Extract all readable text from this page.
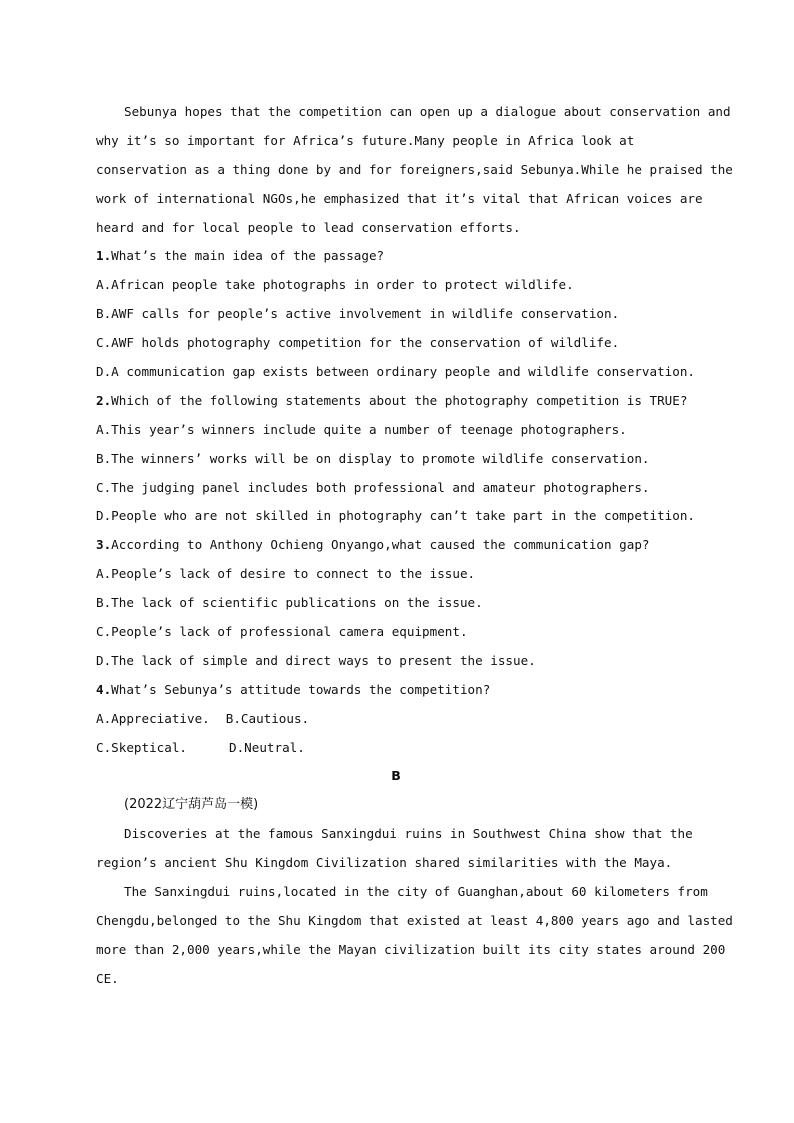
Sebunya hopes that the competition can open up a dialogue about conservation and
why it’s so important for Africa’s future.Many people in Africa look at
conservation as a thing done by and for foreigners,said Sebunya.While he praised the
work of international NGOs,he emphasized that it’s vital that African voices are
heard and for local people to lead conservation efforts.
1.What’s the main idea of the passage?
A.African people take photographs in order to protect wildlife.
B.AWF calls for people’s active involvement in wildlife conservation.
C.AWF holds photography competition for the conservation of wildlife.
D.A communication gap exists between ordinary people and wildlife conservation.
2.Which of the following statements about the photography competition is TRUE?
A.This year’s winners include quite a number of teenage photographers.
B.The winners’ works will be on display to promote wildlife conservation.
C.The judging panel includes both professional and amateur photographers.
D.People who are not skilled in photography can’t take part in the competition.
3.According to Anthony Ochieng Onyango,what caused the communication gap?
A.People’s lack of desire to connect to the issue.
B.The lack of scientific publications on the issue.
C.People’s lack of professional camera equipment.
D.The lack of simple and direct ways to present the issue.
4.What’s Sebunya’s attitude towards the competition?
A.Appreciative. B.Cautious.
C.Skeptical.	D.Neutral.
B
(2022辽宁葫芦岛一模)
Discoveries at the famous Sanxingdui ruins in Southwest China show that the
region’s ancient Shu Kingdom Civilization shared similarities with the Maya.
The Sanxingdui ruins,located in the city of Guanghan,about 60 kilometers from
Chengdu,belonged to the Shu Kingdom that existed at least 4,800 years ago and lasted
more than 2,000 years,while the Mayan civilization built its city states around 200
CE.
